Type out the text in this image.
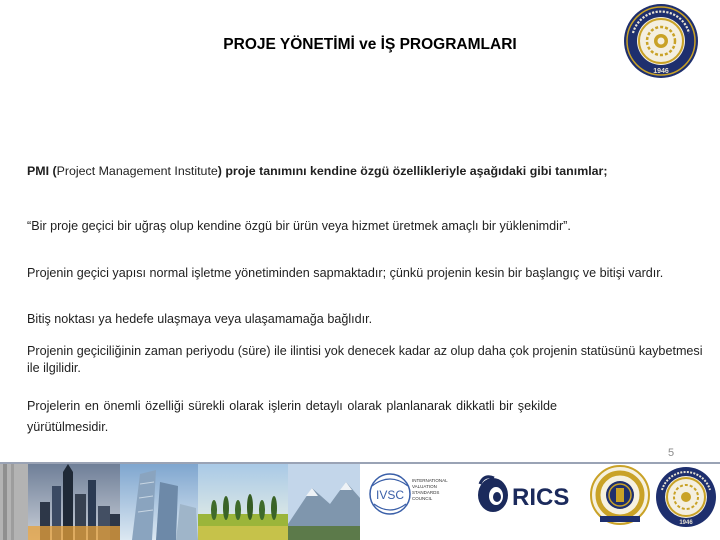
PROJE YÖNETİMİ ve İŞ PROGRAMLARI
1946
PMI (Project Management Institute) proje tanımını kendine özgü özellikleriyle aşağıdaki gibi tanımlar;
“Bir proje geçici bir uğraş olup kendine özgü bir ürün veya hizmet üretmek amaçlı bir yüklenimdir”.
Projenin geçici yapısı normal işletme yönetiminden sapmaktadır; çünkü projenin kesin bir başlangıç ve bitişi vardır.
Bitiş noktası ya hedefe ulaşmaya veya ulaşamamağa bağlıdır.
Projenin geçiciliğinin zaman periyodu (süre) ile ilintisi yok denecek kadar az olup daha çok projenin statüsünü kaybetmesi ile ilgilidir.
Projelerin en önemli özelliği sürekli olarak işlerin detaylı olarak planlanarak dikkatli bir şekilde yürütülmesidir.
5
IVSC
INTERNATIONAL
VALUATION
STANDARDS
COUNCIL	RICS
1946
